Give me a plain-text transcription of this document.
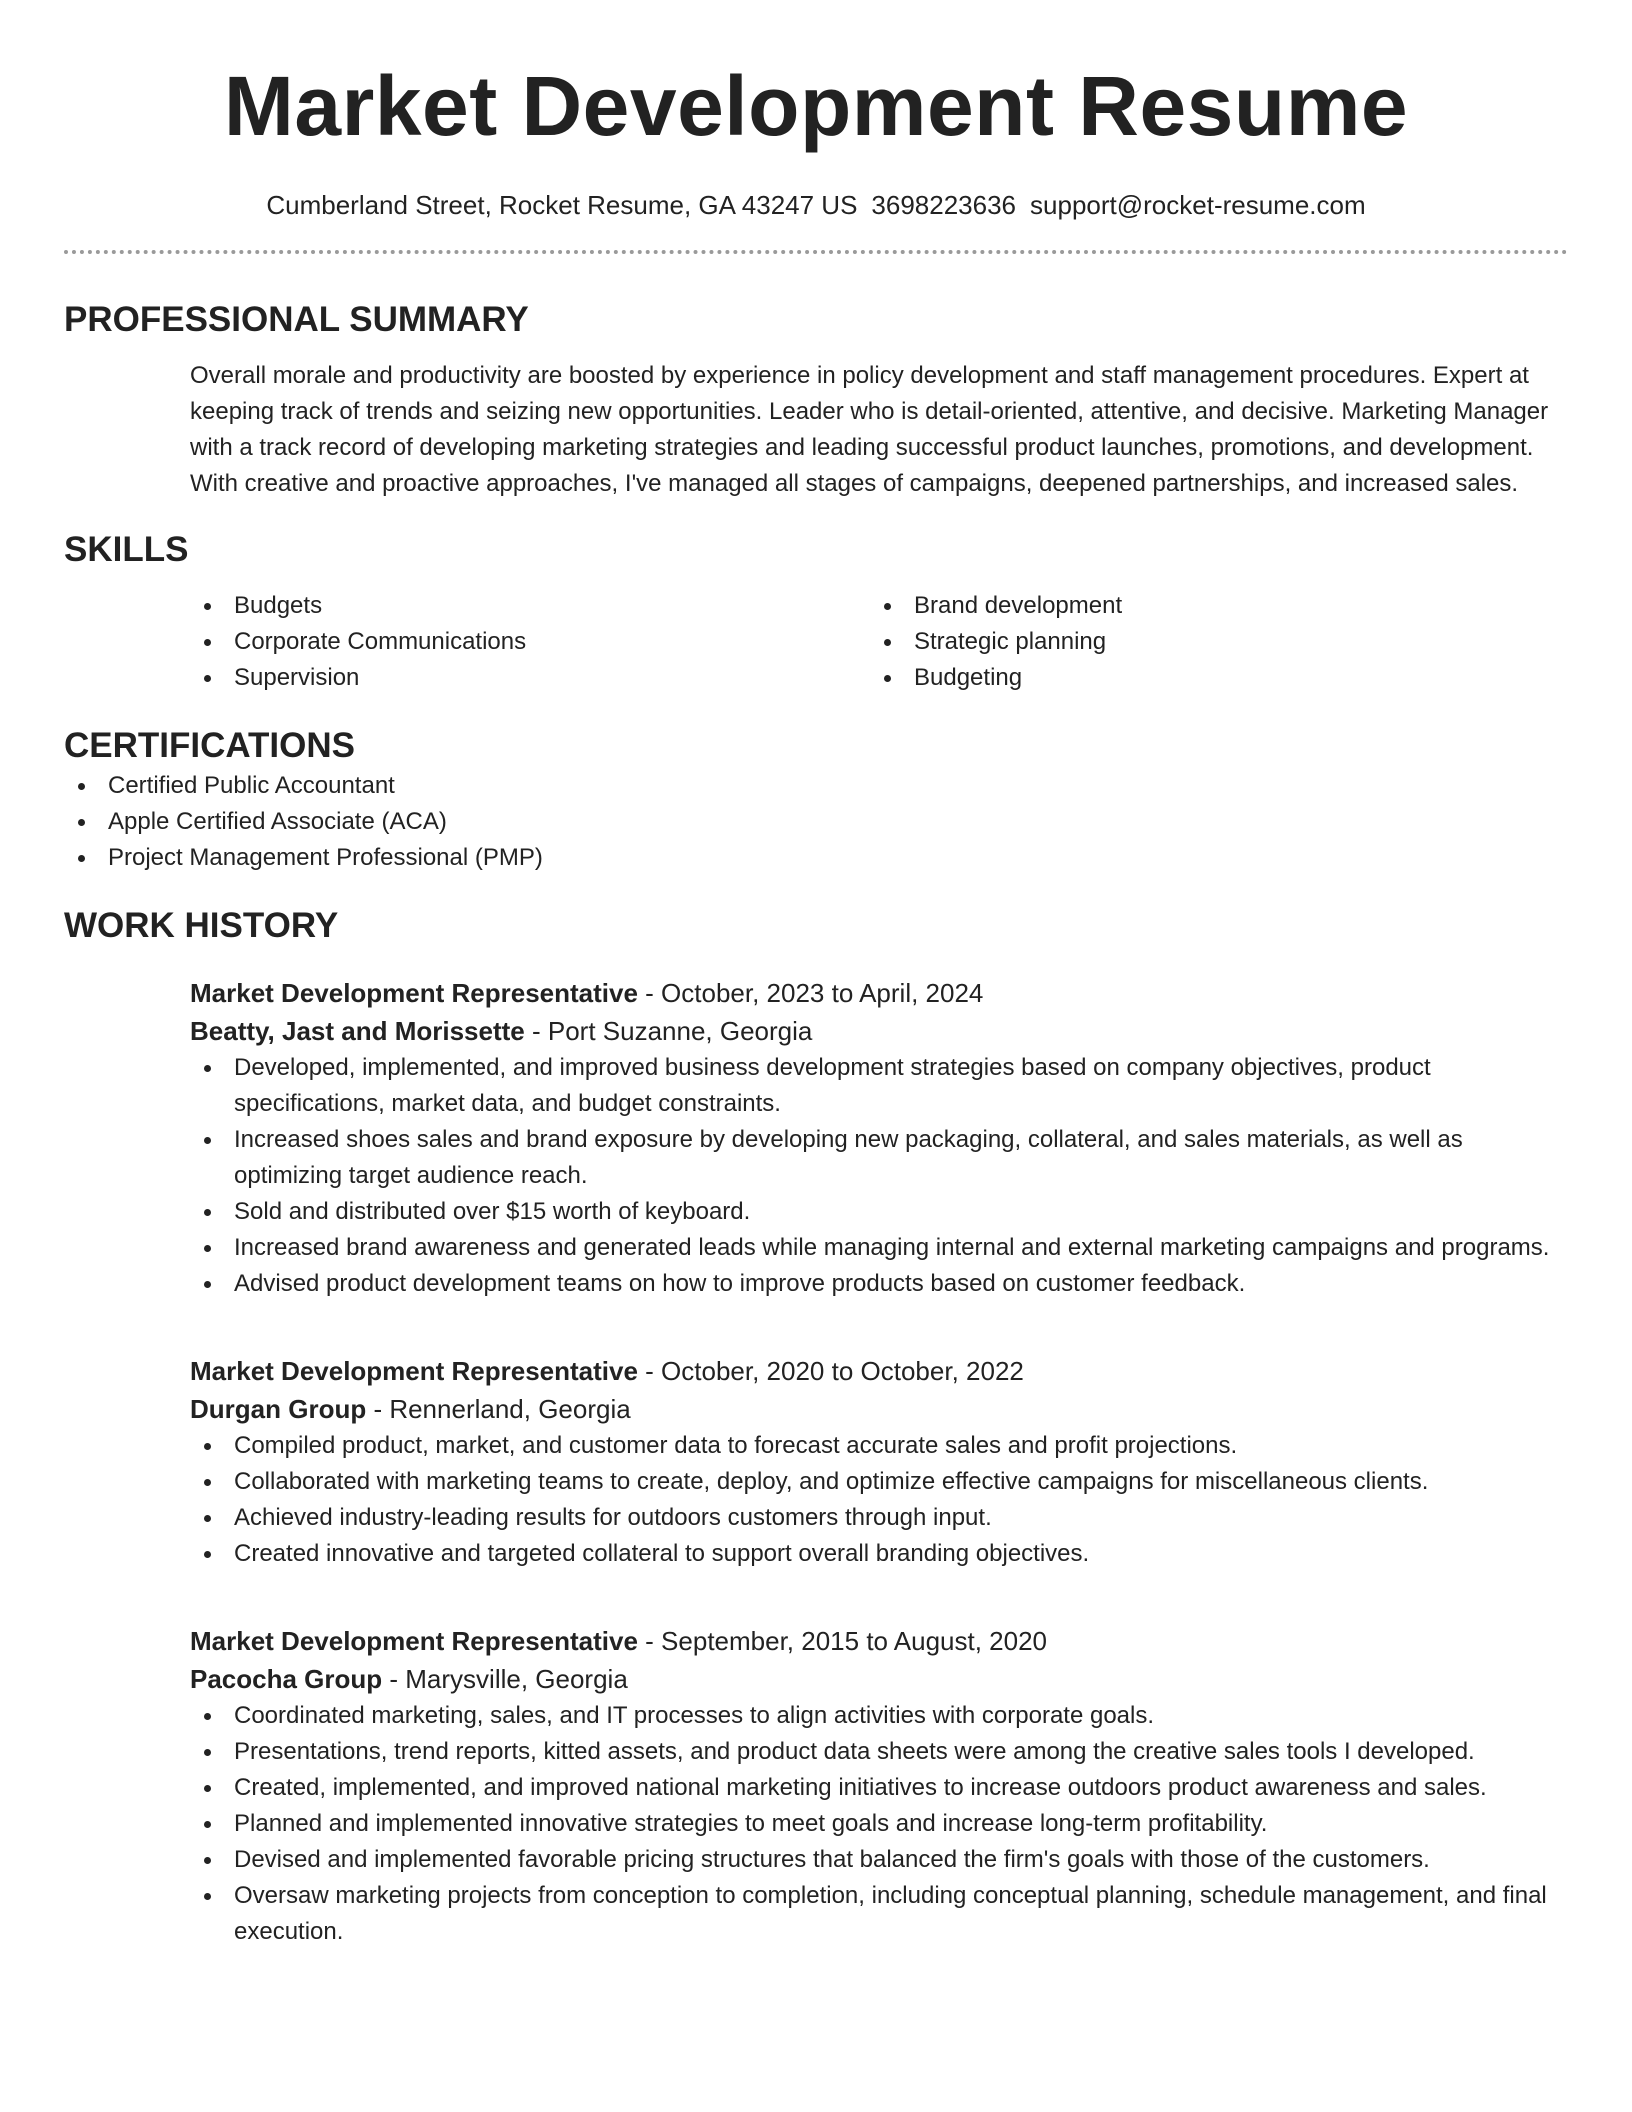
Market Development Resume
Cumberland Street, Rocket Resume, GA 43247 US 3698223636 support@rocket-resume.com
PROFESSIONAL SUMMARY

Overall morale and productivity are boosted by experience in policy development and staff management procedures. Expert at keeping track of trends and seizing new opportunities. Leader who is detail-oriented, attentive, and decisive. Marketing Manager with a track record of developing marketing strategies and leading successful product launches, promotions, and development. With creative and proactive approaches, I've managed all stages of campaigns, deepened partnerships, and increased sales.

SKILLS
Budgets
Corporate Communications
Supervision
Brand development
Strategic planning
Budgeting
CERTIFICATIONS
Certified Public Accountant
Apple Certified Associate (ACA)
Project Management Professional (PMP)
WORK HISTORY
Market Development Representative - October, 2023 to April, 2024
Beatty, Jast and Morissette - Port Suzanne, Georgia
Developed, implemented, and improved business development strategies based on company objectives, product specifications, market data, and budget constraints.
Increased shoes sales and brand exposure by developing new packaging, collateral, and sales materials, as well as optimizing target audience reach.
Sold and distributed over $15 worth of keyboard.
Increased brand awareness and generated leads while managing internal and external marketing campaigns and programs.
Advised product development teams on how to improve products based on customer feedback.
Market Development Representative - October, 2020 to October, 2022
Durgan Group - Rennerland, Georgia
Compiled product, market, and customer data to forecast accurate sales and profit projections.
Collaborated with marketing teams to create, deploy, and optimize effective campaigns for miscellaneous clients.
Achieved industry-leading results for outdoors customers through input.
Created innovative and targeted collateral to support overall branding objectives.
Market Development Representative - September, 2015 to August, 2020
Pacocha Group - Marysville, Georgia
Coordinated marketing, sales, and IT processes to align activities with corporate goals.
Presentations, trend reports, kitted assets, and product data sheets were among the creative sales tools I developed.
Created, implemented, and improved national marketing initiatives to increase outdoors product awareness and sales.
Planned and implemented innovative strategies to meet goals and increase long-term profitability.
Devised and implemented favorable pricing structures that balanced the firm's goals with those of the customers.
Oversaw marketing projects from conception to completion, including conceptual planning, schedule management, and final execution.
